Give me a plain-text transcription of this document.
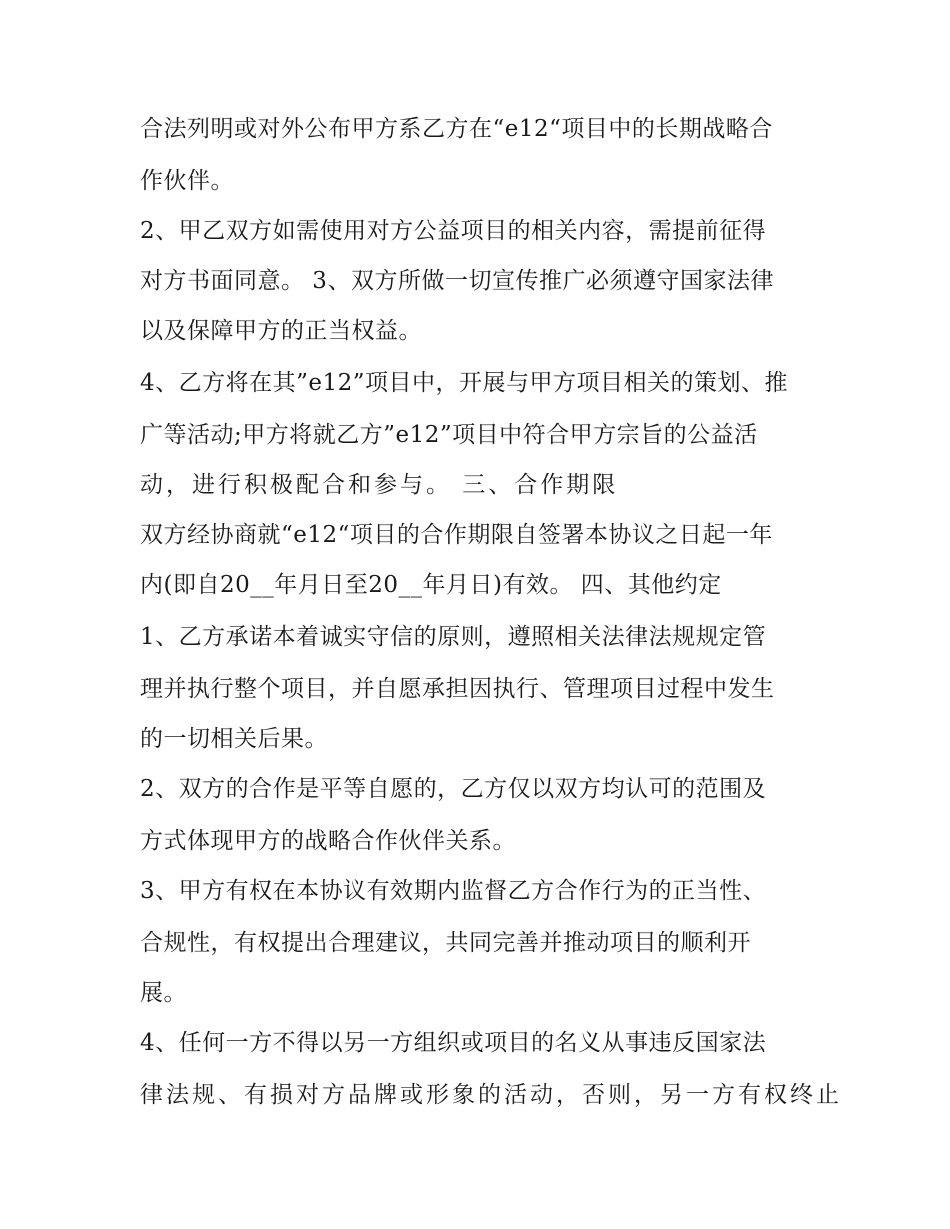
合法列明或对外公布甲方系乙方在“e12“项目中的长期战略合
作伙伴。
2、甲乙双方如需使用对方公益项目的相关内容，需提前征得
对方书面同意。 3、双方所做一切宣传推广必须遵守国家法律
以及保障甲方的正当权益。
4、乙方将在其”e12”项目中，开展与甲方项目相关的策划、推
广等活动;甲方将就乙方”e12”项目中符合甲方宗旨的公益活
动，进行积极配合和参与。 三、合作期限
双方经协商就“e12“项目的合作期限自签署本协议之日起一年
内(即自20__年月日至20__年月日)有效。 四、其他约定
1、乙方承诺本着诚实守信的原则，遵照相关法律法规规定管
理并执行整个项目，并自愿承担因执行、管理项目过程中发生
的一切相关后果。
2、双方的合作是平等自愿的，乙方仅以双方均认可的范围及
方式体现甲方的战略合作伙伴关系。
3、甲方有权在本协议有效期内监督乙方合作行为的正当性、
合规性，有权提出合理建议，共同完善并推动项目的顺利开
展。
4、任何一方不得以另一方组织或项目的名义从事违反国家法
律法规、有损对方品牌或形象的活动，否则，另一方有权终止
